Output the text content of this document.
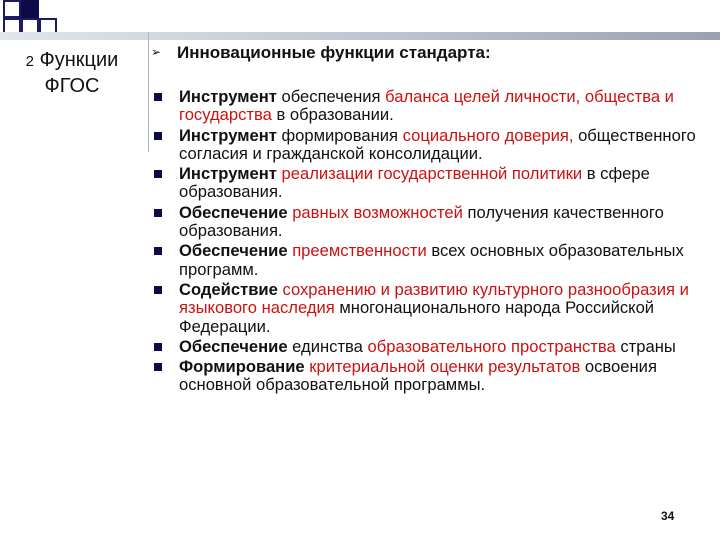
2 Функции
ФГОС
➢ Инновационные функции стандарта:
Инструмент обеспечения баланса целей личности, общества и государства в образовании.
Инструмент формирования социального доверия, общественного согласия и гражданской консолидации.
Инструмент реализации государственной политики в сфере образования.
Обеспечение равных возможностей получения качественного образования.
Обеспечение преемственности всех основных образовательных программ.
Содействие сохранению и развитию культурного разнообразия и языкового наследия многонационального народа Российской Федерации.
Обеспечение единства образовательного пространства страны
Формирование критериальной оценки результатов освоения основной образовательной программы.
34
